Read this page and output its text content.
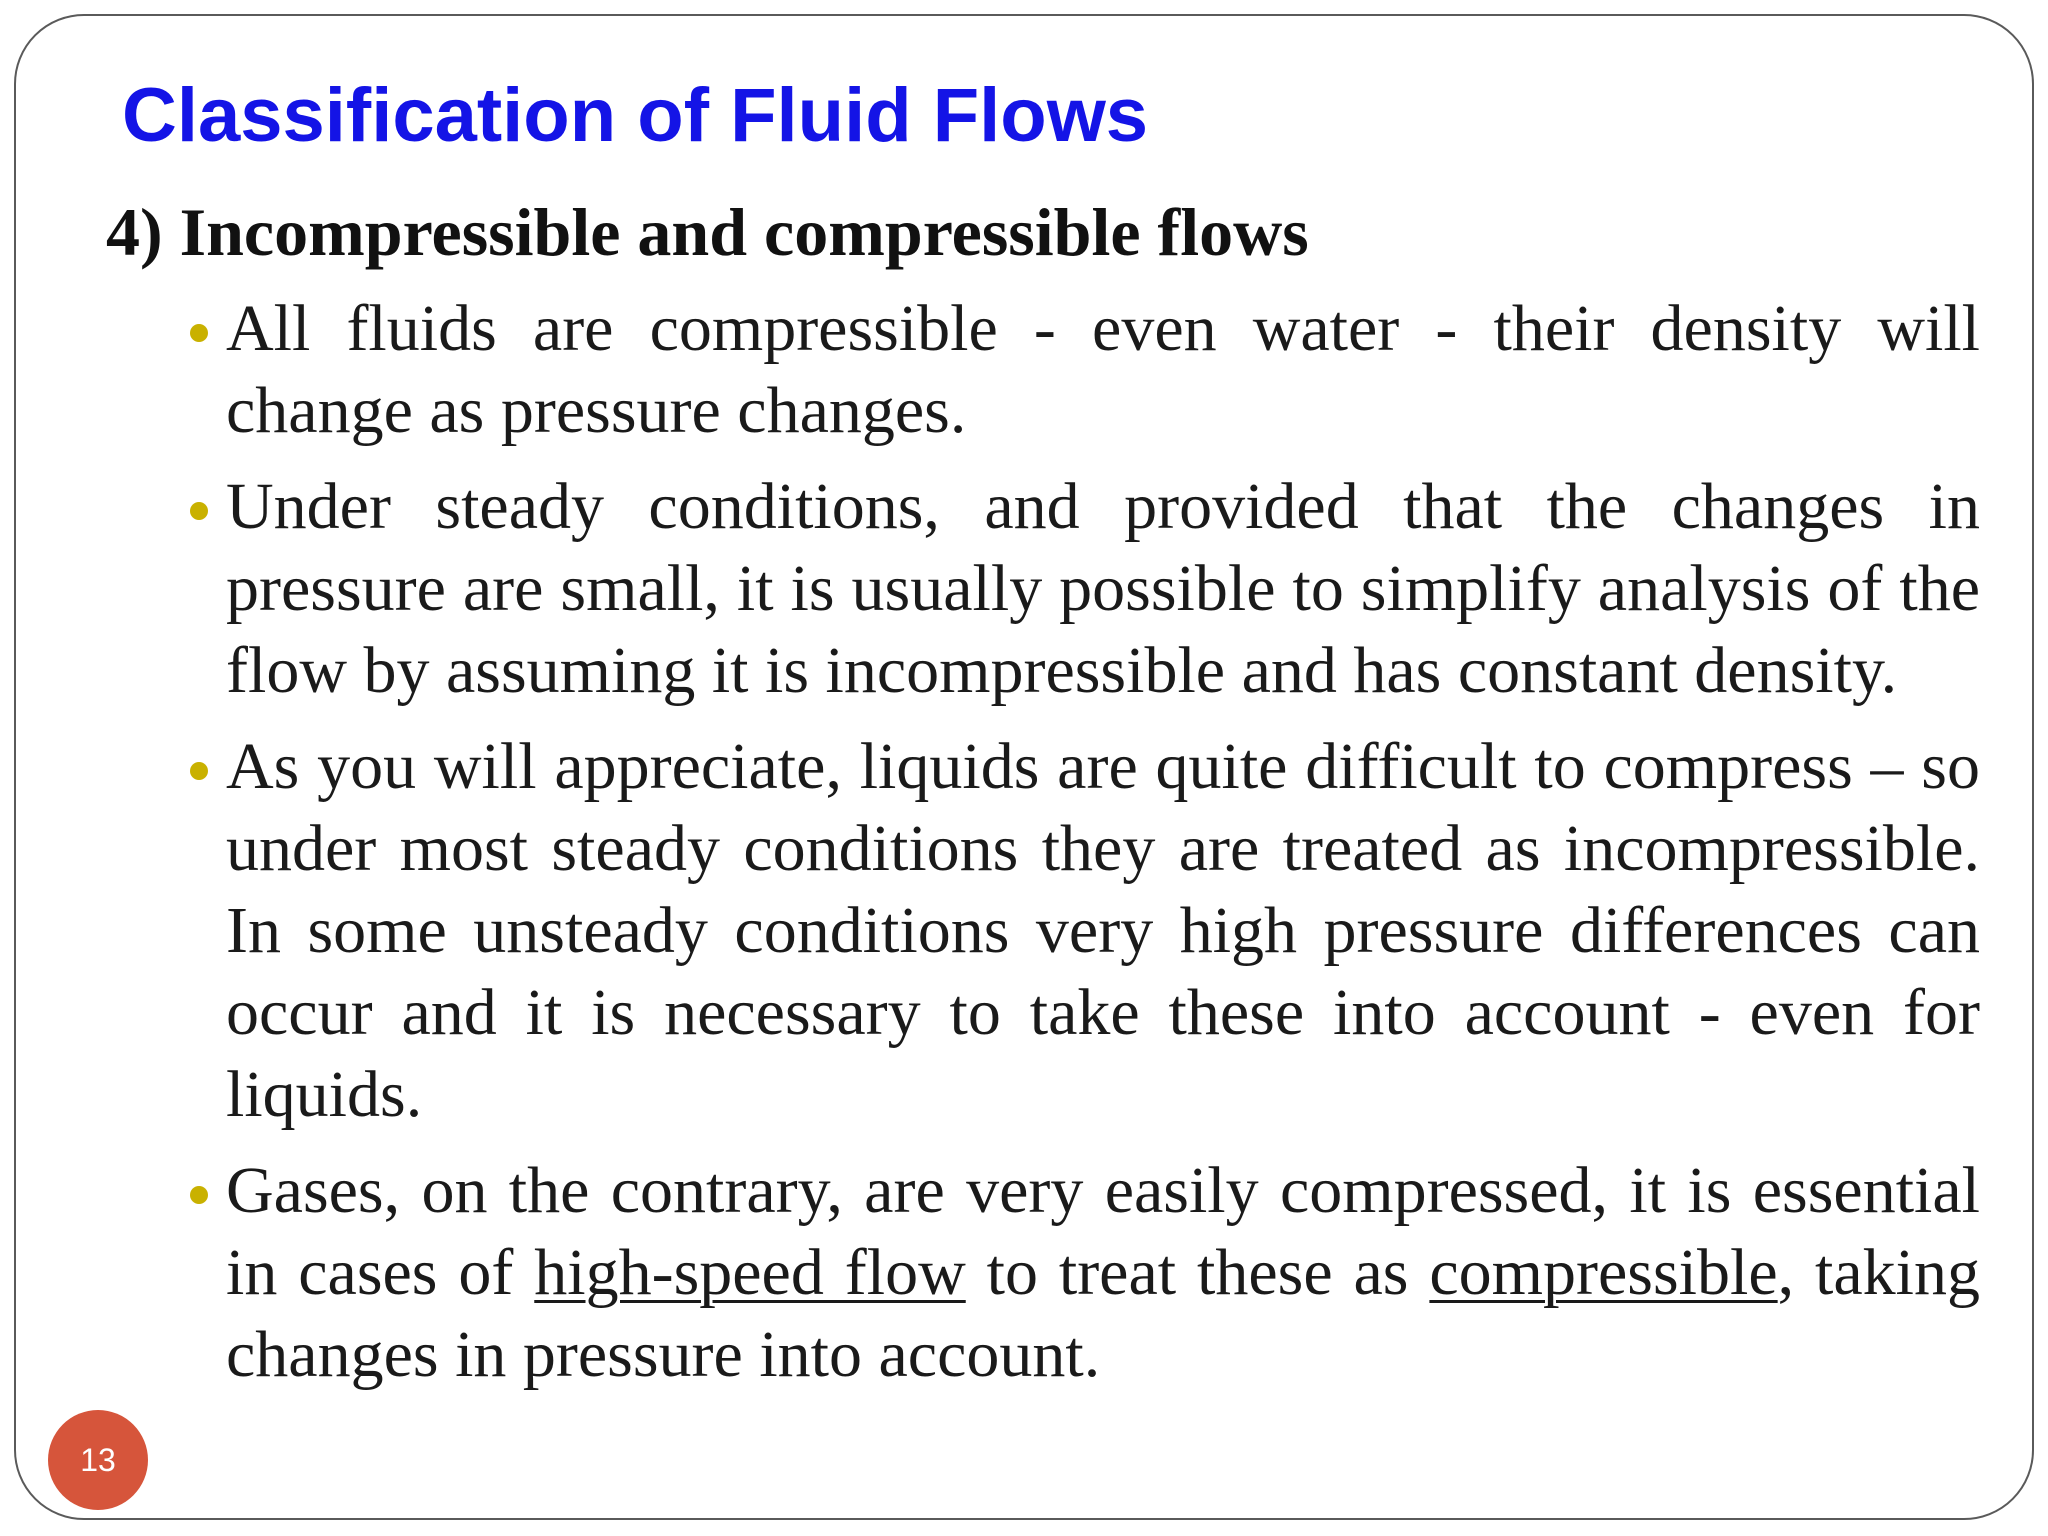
Classification of Fluid Flows
4) Incompressible and compressible flows
All fluids are compressible - even water - their density will change as pressure changes.
Under steady conditions, and provided that the changes in pressure are small, it is usually possible to simplify analysis of the flow by assuming it is incompressible and has constant density.
As you will appreciate, liquids are quite difficult to compress – so under most steady conditions they are treated as incompressible. In some unsteady conditions very high pressure differences can occur and it is necessary to take these into account - even for liquids.
Gases, on the contrary, are very easily compressed, it is essential in cases of high-speed flow to treat these as compressible, taking changes in pressure into account.
13
